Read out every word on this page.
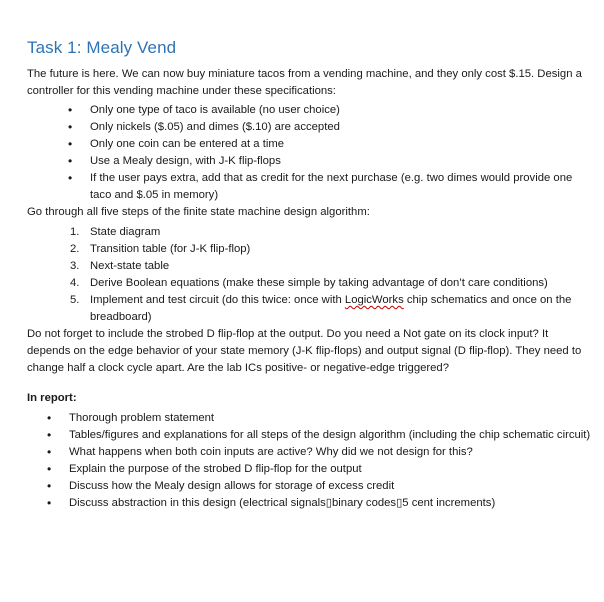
Task 1: Mealy Vend

The future is here. We can now buy miniature tacos from a vending machine, and they only cost $.15. Design a controller for this vending machine under these specifications:

• Only one type of taco is available (no user choice)
• Only nickels ($.05) and dimes ($.10) are accepted
• Only one coin can be entered at a time
• Use a Mealy design, with J-K flip-flops
• If the user pays extra, add that as credit for the next purchase (e.g. two dimes would provide one taco and $.05 in memory)

Go through all five steps of the finite state machine design algorithm:

1. State diagram
2. Transition table (for J-K flip-flop)
3. Next-state table
4. Derive Boolean equations (make these simple by taking advantage of don’t care conditions)
5. Implement and test circuit (do this twice: once with LogicWorks chip schematics and once on the breadboard)

Do not forget to include the strobed D flip-flop at the output. Do you need a Not gate on its clock input? It depends on the edge behavior of your state memory (J-K flip-flops) and output signal (D flip-flop). They need to change half a clock cycle apart. Are the lab ICs positive- or negative-edge triggered?

In report:

• Thorough problem statement
• Tables/figures and explanations for all steps of the design algorithm (including the chip schematic circuit)
• What happens when both coin inputs are active? Why did we not design for this?
• Explain the purpose of the strobed D flip-flop for the output
• Discuss how the Mealy design allows for storage of excess credit
• Discuss abstraction in this design (electrical signals▯binary codes▯5 cent increments)
